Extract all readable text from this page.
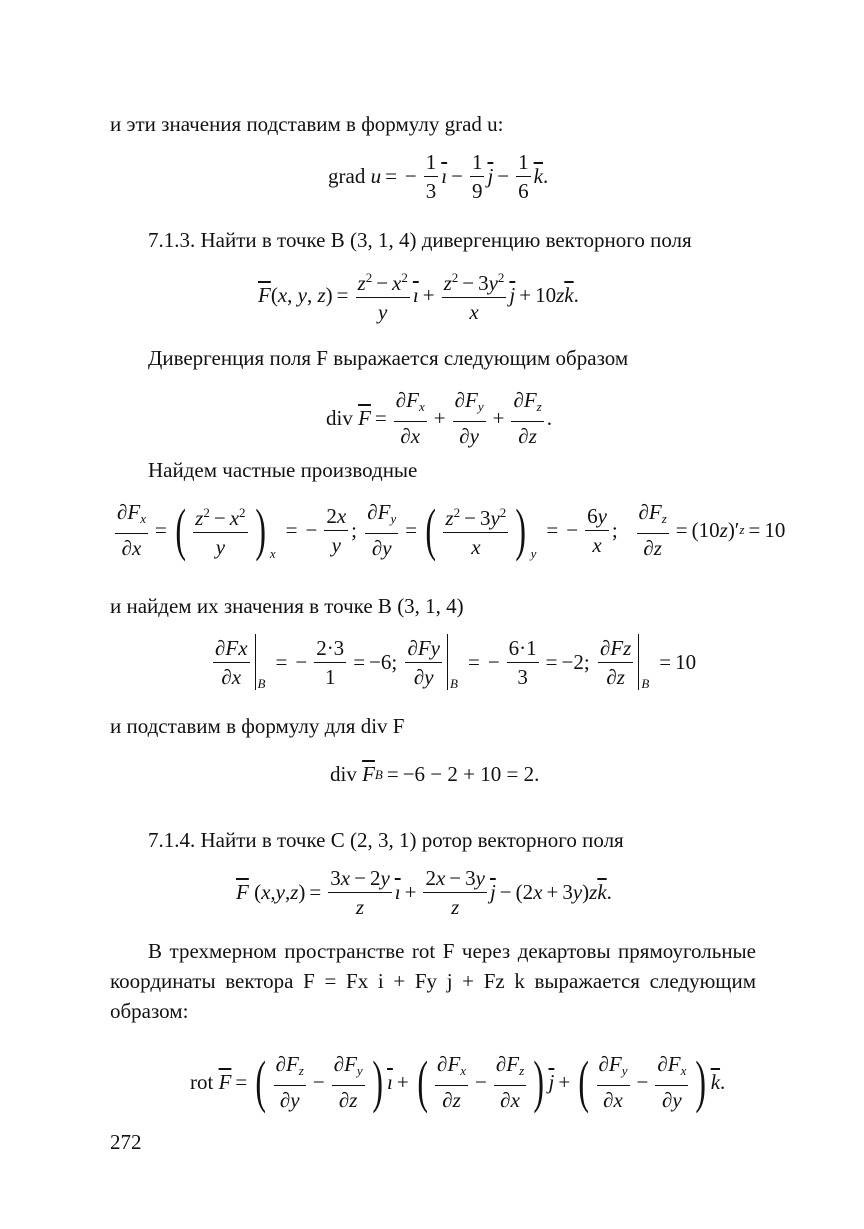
и эти значения подставим в формулу grad u:
grad u = − $\frac{1}{3} \overline{ı} - \frac{1}{9} \overline{j} - \frac{1}{6} \overline{k}$ .
7.1.3. Найти в точке B (3, 1, 4) дивергенцию векторного поля
$\overline{F}$ ( x , y , z ) = $\frac{z^2 - x^2}{y} \overline{ı} + \frac{z^2 - 3y^2}{x} \overline{j} + 10$ z $\overline{k}$ .
Дивергенция поля F выражается следующим образом
div $\overline{F} = \frac{\partial F_x}{\partial x} + \frac{\partial F_y}{\partial y} + \frac{\partial F_z}{\partial z}$ .
Найдем частные производные
$\frac{\partial F_x}{\partial x}$ = ( $\frac{z^2 - x^2}{y}$ ) x
= − $\frac{2x}{y}$ ; $\frac{\partial F_y}{\partial y}$ = ( $\frac{z^2 - 3y^2}{x}$ ) y
= − $\frac{6y}{x}$ ; $\frac{\partial F_z}{\partial z} = (10$ z )′ z = 10
и найдем их значения в точке B (3, 1, 4)
$\frac{\partial Fx}{\partial x}$ B
= − $\frac{2\cdot 3}{1} = -6$; $\frac{\partial Fy}{\partial y}$ B
= − $\frac{6\cdot 1}{3} = -2$; $\frac{\partial Fz}{\partial z}$ B
= 10
и подставим в формулу для div F
div $\overline{F}$ B = −6 − 2 + 10 = 2.
7.1.4. Найти в точке C (2, 3, 1) ротор векторного поля
$\overline{F}$ ( x , y , z ) = $\frac{3x - 2y}{z} \overline{ı} + \frac{2x - 3y}{z} \overline{j} - (2$ x + 3 y ) z $\overline{k}$ .
В трехмерном пространстве rot F через декартовы прямоугольные координаты вектора F = Fx i + Fy j + Fz k выражается следующим образом:
rot $\overline{F}$ = ( $\frac{\partial F_z}{\partial y} - \frac{\partial F_y}{\partial z}$ ) $\overline{ı}$ + ( $\frac{\partial F_x}{\partial z} - \frac{\partial F_z}{\partial x}$ ) $\overline{j}$ + ( $\frac{\partial F_y}{\partial x} - \frac{\partial F_x}{\partial y}$ ) $\overline{k}$ .
272
